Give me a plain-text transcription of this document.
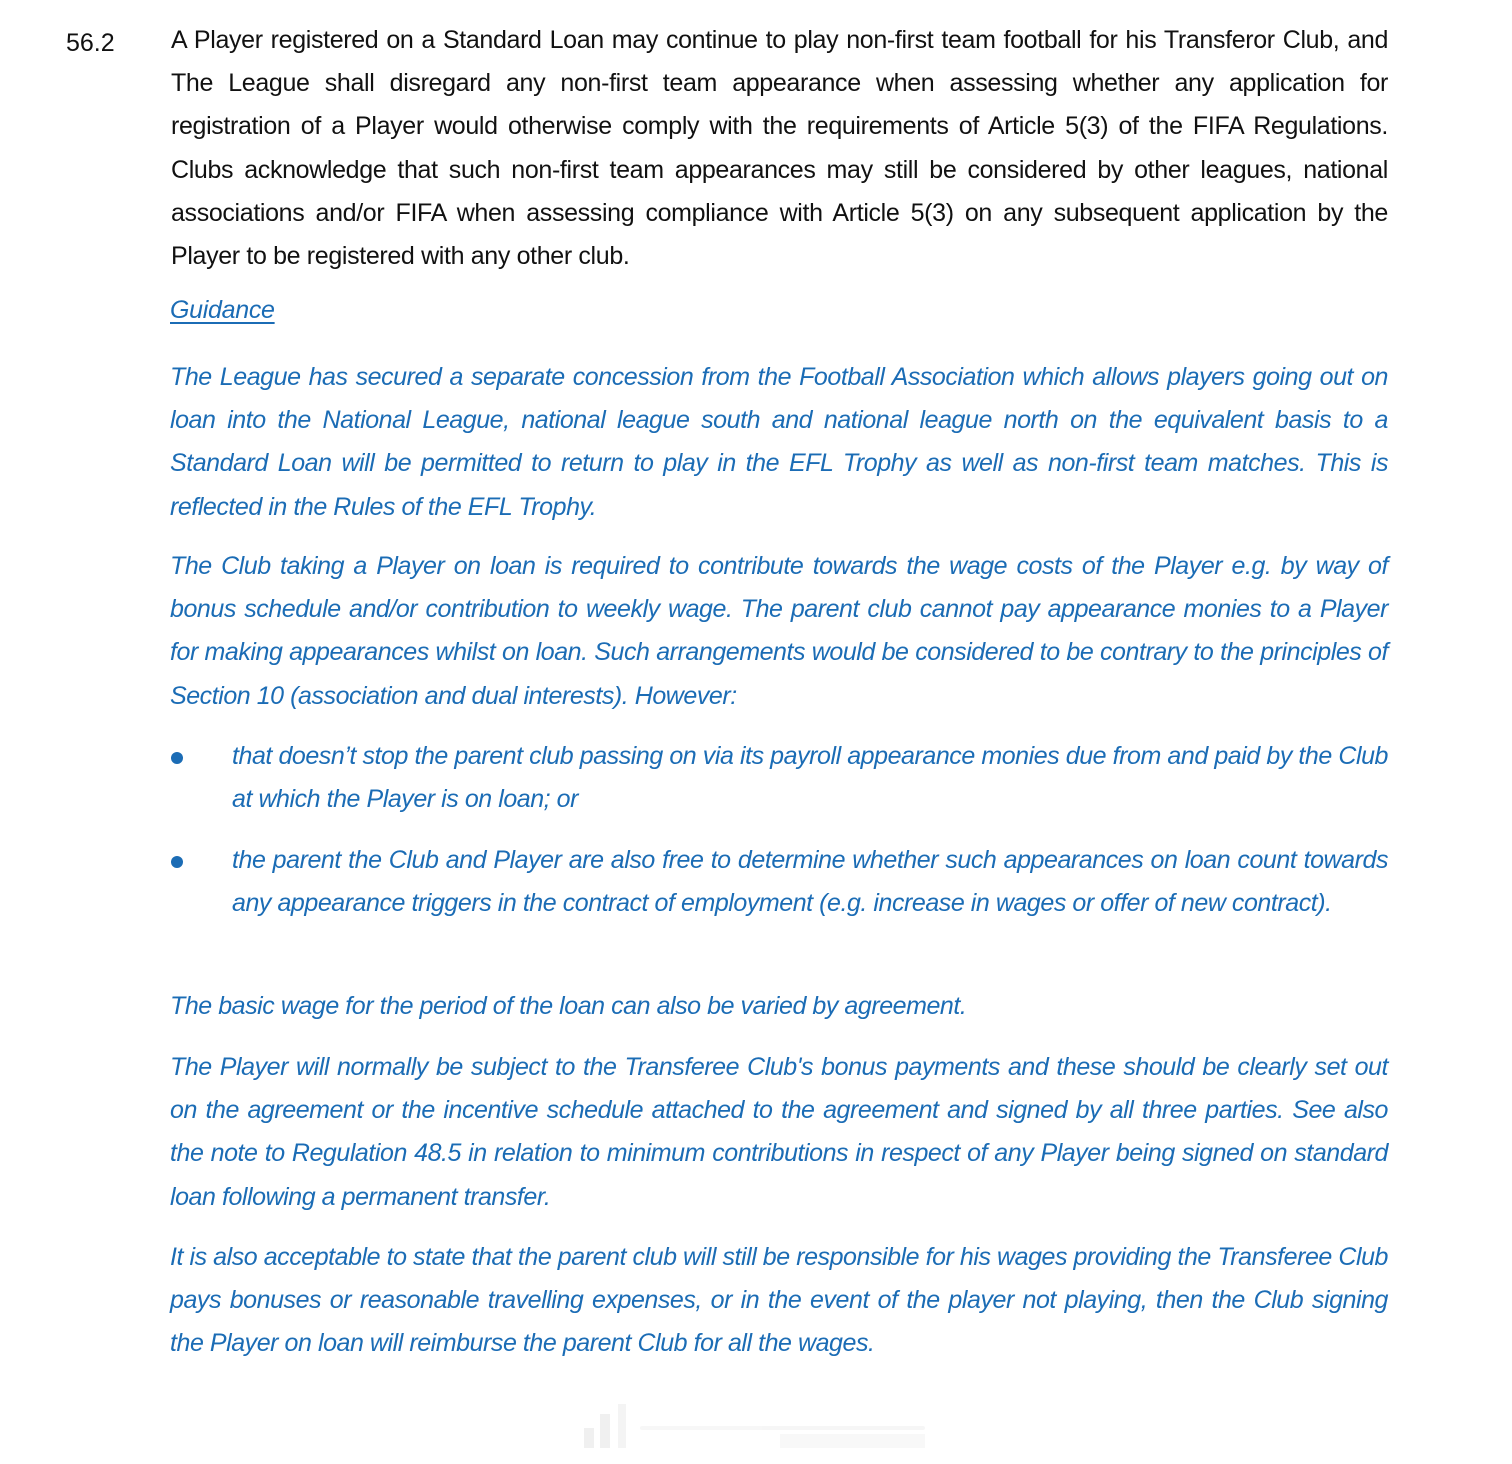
56.2 A Player registered on a Standard Loan may continue to play non-first team football for his Transferor Club, and The League shall disregard any non-first team appearance when assessing whether any application for registration of a Player would otherwise comply with the requirements of Article 5(3) of the FIFA Regulations. Clubs acknowledge that such non-first team appearances may still be considered by other leagues, national associations and/or FIFA when assessing compliance with Article 5(3) on any subsequent application by the Player to be registered with any other club.
Guidance
The League has secured a separate concession from the Football Association which allows players going out on loan into the National League, national league south and national league north on the equivalent basis to a Standard Loan will be permitted to return to play in the EFL Trophy as well as non-first team matches. This is reflected in the Rules of the EFL Trophy.
The Club taking a Player on loan is required to contribute towards the wage costs of the Player e.g. by way of bonus schedule and/or contribution to weekly wage. The parent club cannot pay appearance monies to a Player for making appearances whilst on loan. Such arrangements would be considered to be contrary to the principles of Section 10 (association and dual interests). However:
that doesn’t stop the parent club passing on via its payroll appearance monies due from and paid by the Club at which the Player is on loan; or
the parent the Club and Player are also free to determine whether such appearances on loan count towards any appearance triggers in the contract of employment (e.g. increase in wages or offer of new contract).
The basic wage for the period of the loan can also be varied by agreement.
The Player will normally be subject to the Transferee Club's bonus payments and these should be clearly set out on the agreement or the incentive schedule attached to the agreement and signed by all three parties. See also the note to Regulation 48.5 in relation to minimum contributions in respect of any Player being signed on standard loan following a permanent transfer.
It is also acceptable to state that the parent club will still be responsible for his wages providing the Transferee Club pays bonuses or reasonable travelling expenses, or in the event of the player not playing, then the Club signing the Player on loan will reimburse the parent Club for all the wages.
